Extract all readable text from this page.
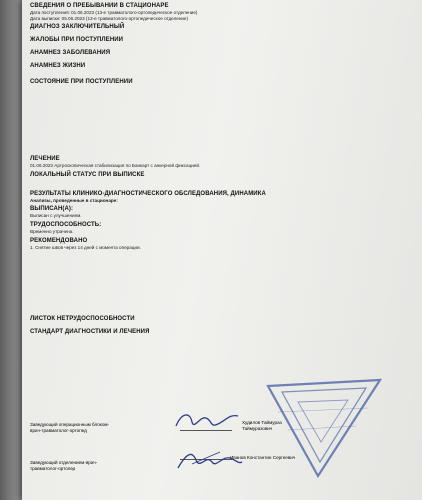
СВЕДЕНИЯ О ПРЕБЫВАНИИ В СТАЦИОНАРЕ
Дата поступления: 01.06.2023 (13-е травматолого-ортопедическое отделение)
Дата выписки: 05.06.2023 (13-е травматолого-ортопедическое отделение)
ДИАГНОЗ ЗАКЛЮЧИТЕЛЬНЫЙ
ЖАЛОБЫ ПРИ ПОСТУПЛЕНИИ
АНАМНЕЗ ЗАБОЛЕВАНИЯ
АНАМНЕЗ ЖИЗНИ
СОСТОЯНИЕ ПРИ ПОСТУПЛЕНИИ
ЛЕЧЕНИЕ
01.06.2023 Артроскопическая стабилизация по Банкарт с анкерной фиксацией.
ЛОКАЛЬНЫЙ СТАТУС ПРИ ВЫПИСКЕ
РЕЗУЛЬТАТЫ КЛИНИКО-ДИАГНОСТИЧЕСКОГО ОБСЛЕДОВАНИЯ, ДИНАМИКА
Анализы, проведенные в стационаре:
ВЫПИСАН(А):
Выписан с улучшением.
ТРУДОСПОСОБНОСТЬ:
Временно утрачена.
РЕКОМЕНДОВАНО
1. Снятие швов через 14 дней с момента операции.
ЛИСТОК НЕТРУДОСПОСОБНОСТИ
СТАНДАРТ ДИАГНОСТИКИ И ЛЕЧЕНИЯ
Заведующий операционным блоком-
врач-травматолог-ортопед
Худилов Таймураз
Таймуразович
Заведующий отделением-врач-
травматолог-ортопед
Иванов Константин Сергеевич
